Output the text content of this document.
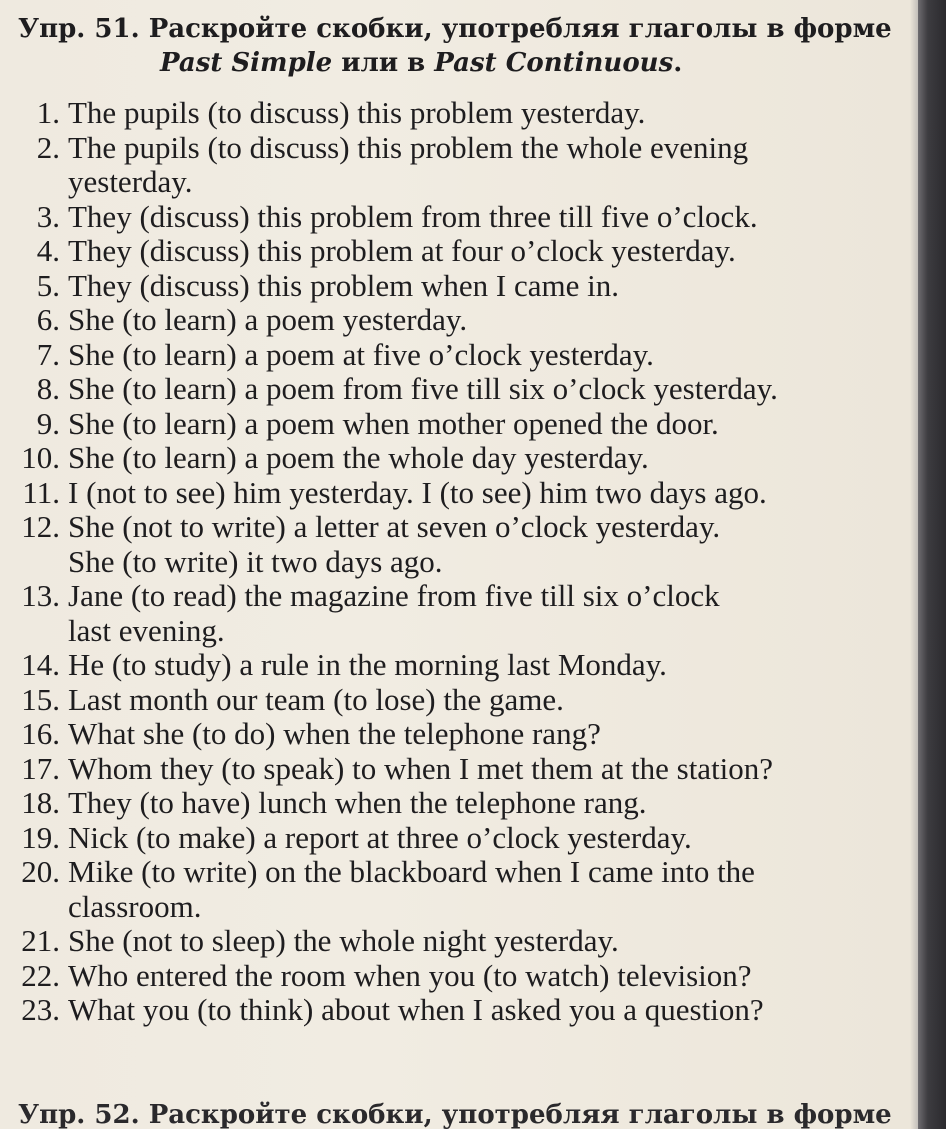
Упр. 51. Раскройте скобки, употребляя глаголы в форме
Past Simple или в Past Continuous.
1. The pupils (to discuss) this problem yesterday.
2. The pupils (to discuss) this problem the whole evening
yesterday.
3. They (discuss) this problem from three till five o’clock.
4. They (discuss) this problem at four o’clock yesterday.
5. They (discuss) this problem when I came in.
6. She (to learn) a poem yesterday.
7. She (to learn) a poem at five o’clock yesterday.
8. She (to learn) a poem from five till six o’clock yesterday.
9. She (to learn) a poem when mother opened the door.
10. She (to learn) a poem the whole day yesterday.
11. I (not to see) him yesterday. I (to see) him two days ago.
12. She (not to write) a letter at seven o’clock yesterday.
She (to write) it two days ago.
13. Jane (to read) the magazine from five till six o’clock
last evening.
14. He (to study) a rule in the morning last Monday.
15. Last month our team (to lose) the game.
16. What she (to do) when the telephone rang?
17. Whom they (to speak) to when I met them at the station?
18. They (to have) lunch when the telephone rang.
19. Nick (to make) a report at three o’clock yesterday.
20. Mike (to write) on the blackboard when I came into the
classroom.
21. She (not to sleep) the whole night yesterday.
22. Who entered the room when you (to watch) television?
23. What you (to think) about when I asked you a question?
Упр. 52. Раскройте скобки, употребляя глаголы в форме
